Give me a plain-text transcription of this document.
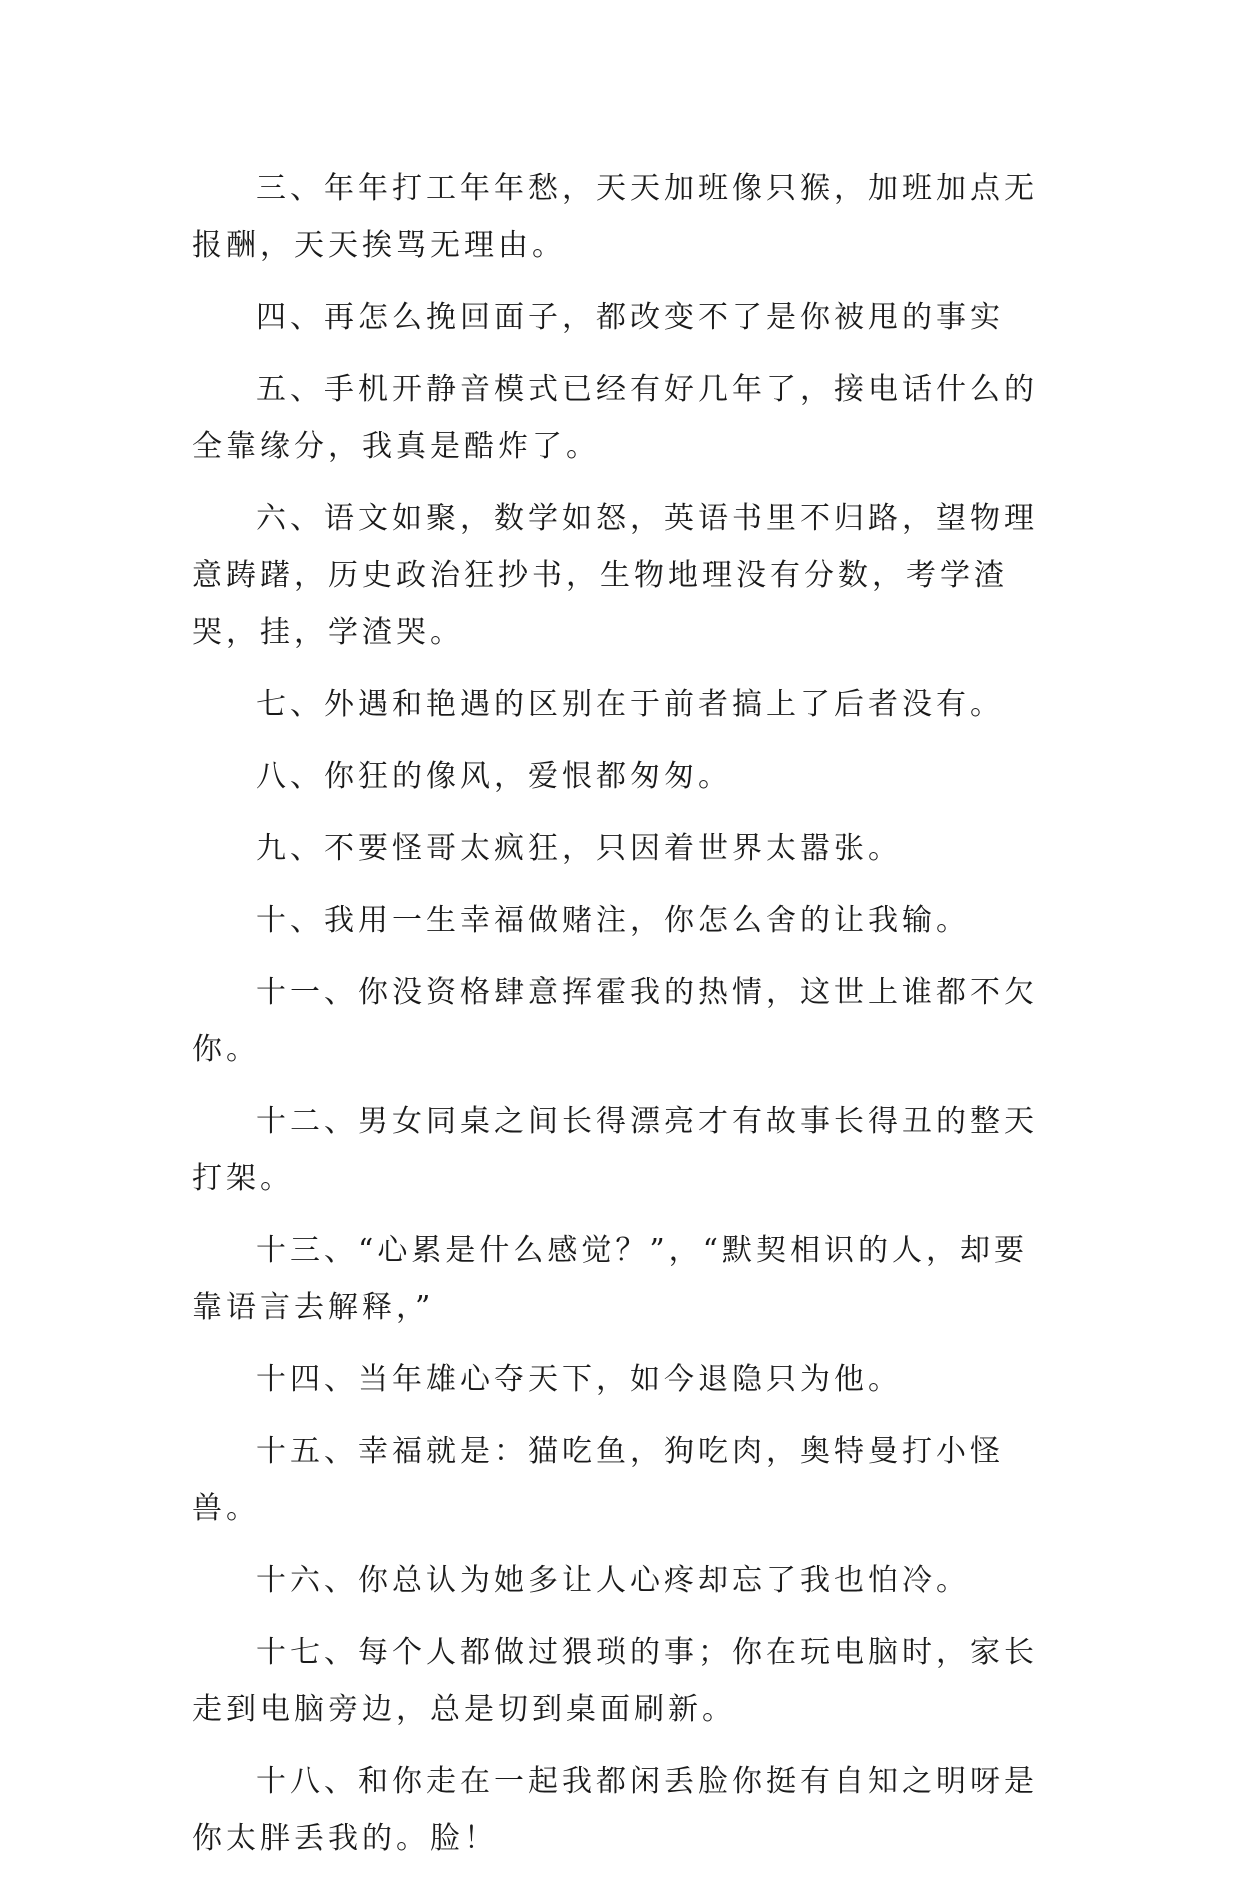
三、年年打工年年愁，天天加班像只猴，加班加点无报酬，天天挨骂无理由。

四、再怎么挽回面子，都改变不了是你被甩的事实

五、手机开静音模式已经有好几年了，接电话什么的全靠缘分，我真是酷炸了。

六、语文如聚，数学如怒，英语书里不归路，望物理意踌躇，历史政治狂抄书，生物地理没有分数，考学渣哭，挂，学渣哭。

七、外遇和艳遇的区别在于前者搞上了后者没有。

八、你狂的像风，爱恨都匆匆。

九、不要怪哥太疯狂，只因着世界太嚣张。

十、我用一生幸福做赌注，你怎么舍的让我输。

十一、你没资格肆意挥霍我的热情，这世上谁都不欠你。

十二、男女同桌之间长得漂亮才有故事长得丑的整天打架。

十三、“心累是什么感觉？”，“默契相识的人，却要靠语言去解释，”

十四、当年雄心夺天下，如今退隐只为他。

十五、幸福就是：猫吃鱼，狗吃肉，奥特曼打小怪兽。

十六、你总认为她多让人心疼却忘了我也怕冷。

十七、每个人都做过猥琐的事；你在玩电脑时，家长走到电脑旁边，总是切到桌面刷新。

十八、和你走在一起我都闲丢脸你挺有自知之明呀是你太胖丢我的。脸！
